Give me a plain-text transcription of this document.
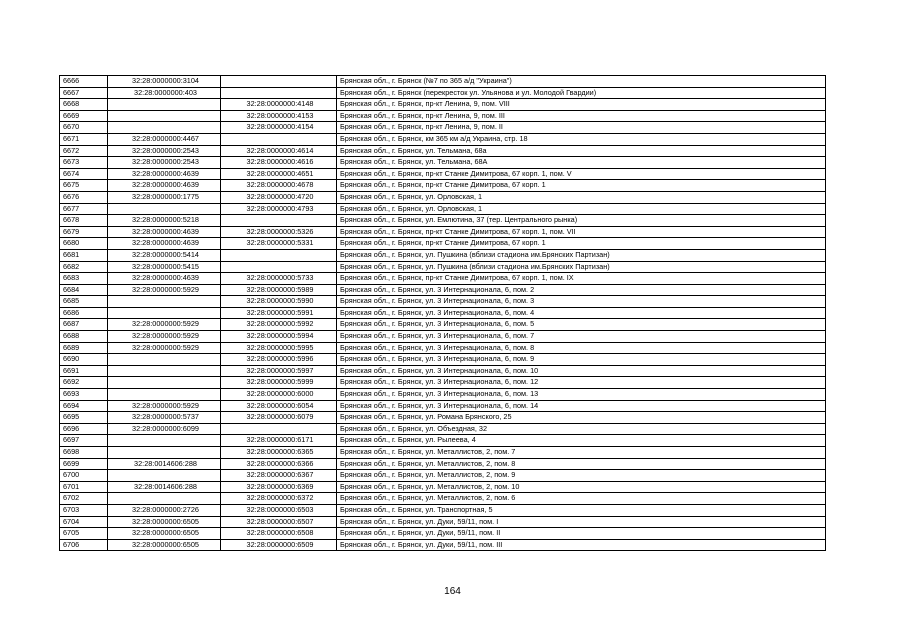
6666	32:28:0000000:3104		Брянская обл., г. Брянск (№7 по 365 а/д "Украина")
6667	32:28:0000000:403		Брянская обл., г. Брянск (перекресток ул. Ульянова и ул. Молодой Гвардии)
6668		32:28:0000000:4148	Брянская обл., г. Брянск, пр-кт Ленина, 9, пом. VIII
6669		32:28:0000000:4153	Брянская обл., г. Брянск, пр-кт Ленина, 9, пом. III
6670		32:28:0000000:4154	Брянская обл., г. Брянск, пр-кт Ленина, 9, пом. II
6671	32:28:0000000:4467		Брянская обл., г. Брянск, км 365 км а/д Украина, стр. 18
6672	32:28:0000000:2543	32:28:0000000:4614	Брянская обл., г. Брянск, ул. Тельмана, 68а
6673	32:28:0000000:2543	32:28:0000000:4616	Брянская обл., г. Брянск, ул. Тельмана, 68А
6674	32:28:0000000:4639	32:28:0000000:4651	Брянская обл., г. Брянск, пр-кт Станке Димитрова, 67 корп. 1, пом. V
6675	32:28:0000000:4639	32:28:0000000:4678	Брянская обл., г. Брянск, пр-кт Станке Димитрова, 67 корп. 1
6676	32:28:0000000:1775	32:28:0000000:4720	Брянская обл., г. Брянск, ул. Орловская, 1
6677		32:28:0000000:4793	Брянская обл., г. Брянск, ул. Орловская, 1
6678	32:28:0000000:5218		Брянская обл., г. Брянск, ул. Емлютина, 37 (тер. Центрального рынка)
6679	32:28:0000000:4639	32:28:0000000:5326	Брянская обл., г. Брянск, пр-кт Станке Димитрова, 67 корп. 1, пом. VII
6680	32:28:0000000:4639	32:28:0000000:5331	Брянская обл., г. Брянск, пр-кт Станке Димитрова, 67 корп. 1
6681	32:28:0000000:5414		Брянская обл., г. Брянск, ул. Пушкина (вблизи стадиона им.Брянских Партизан)
6682	32:28:0000000:5415		Брянская обл., г. Брянск, ул. Пушкина (вблизи стадиона им.Брянских Партизан)
6683	32:28:0000000:4639	32:28:0000000:5733	Брянская обл., г. Брянск, пр-кт Станке Димитрова, 67 корп. 1, пом. IX
6684	32:28:0000000:5929	32:28:0000000:5989	Брянская обл., г. Брянск, ул. 3 Интернационала, 6, пом. 2
6685		32:28:0000000:5990	Брянская обл., г. Брянск, ул. 3 Интернационала, 6, пом. 3
6686		32:28:0000000:5991	Брянская обл., г. Брянск, ул. 3 Интернационала, 6, пом. 4
6687	32:28:0000000:5929	32:28:0000000:5992	Брянская обл., г. Брянск, ул. 3 Интернационала, 6, пом. 5
6688	32:28:0000000:5929	32:28:0000000:5994	Брянская обл., г. Брянск, ул. 3 Интернационала, 6, пом. 7
6689	32:28:0000000:5929	32:28:0000000:5995	Брянская обл., г. Брянск, ул. 3 Интернационала, 6, пом. 8
6690		32:28:0000000:5996	Брянская обл., г. Брянск, ул. 3 Интернационала, 6, пом. 9
6691		32:28:0000000:5997	Брянская обл., г. Брянск, ул. 3 Интернационала, 6, пом. 10
6692		32:28:0000000:5999	Брянская обл., г. Брянск, ул. 3 Интернационала, 6, пом. 12
6693		32:28:0000000:6000	Брянская обл., г. Брянск, ул. 3 Интернационала, 6, пом. 13
6694	32:28:0000000:5929	32:28:0000000:6054	Брянская обл., г. Брянск, ул. 3 Интернационала, 6, пом. 14
6695	32:28:0000000:5737	32:28:0000000:6079	Брянская обл., г. Брянск, ул. Романа Брянского, 25
6696	32:28:0000000:6099		Брянская обл., г. Брянск, ул. Объездная, 32
6697		32:28:0000000:6171	Брянская обл., г. Брянск, ул. Рылеева, 4
6698		32:28:0000000:6365	Брянская обл., г. Брянск, ул. Металлистов, 2, пом. 7
6699	32:28:0014606:288	32:28:0000000:6366	Брянская обл., г. Брянск, ул. Металлистов, 2, пом. 8
6700		32:28:0000000:6367	Брянская обл., г. Брянск, ул. Металлистов, 2, пом. 9
6701	32:28:0014606:288	32:28:0000000:6369	Брянская обл., г. Брянск, ул. Металлистов, 2, пом. 10
6702		32:28:0000000:6372	Брянская обл., г. Брянск, ул. Металлистов, 2, пом. 6
6703	32:28:0000000:2726	32:28:0000000:6503	Брянская обл., г. Брянск, ул. Транспортная, 5
6704	32:28:0000000:6505	32:28:0000000:6507	Брянская обл., г. Брянск, ул. Дуки, 59/11, пом. I
6705	32:28:0000000:6505	32:28:0000000:6508	Брянская обл., г. Брянск, ул. Дуки, 59/11, пом. II
6706	32:28:0000000:6505	32:28:0000000:6509	Брянская обл., г. Брянск, ул. Дуки, 59/11, пом. III
164
